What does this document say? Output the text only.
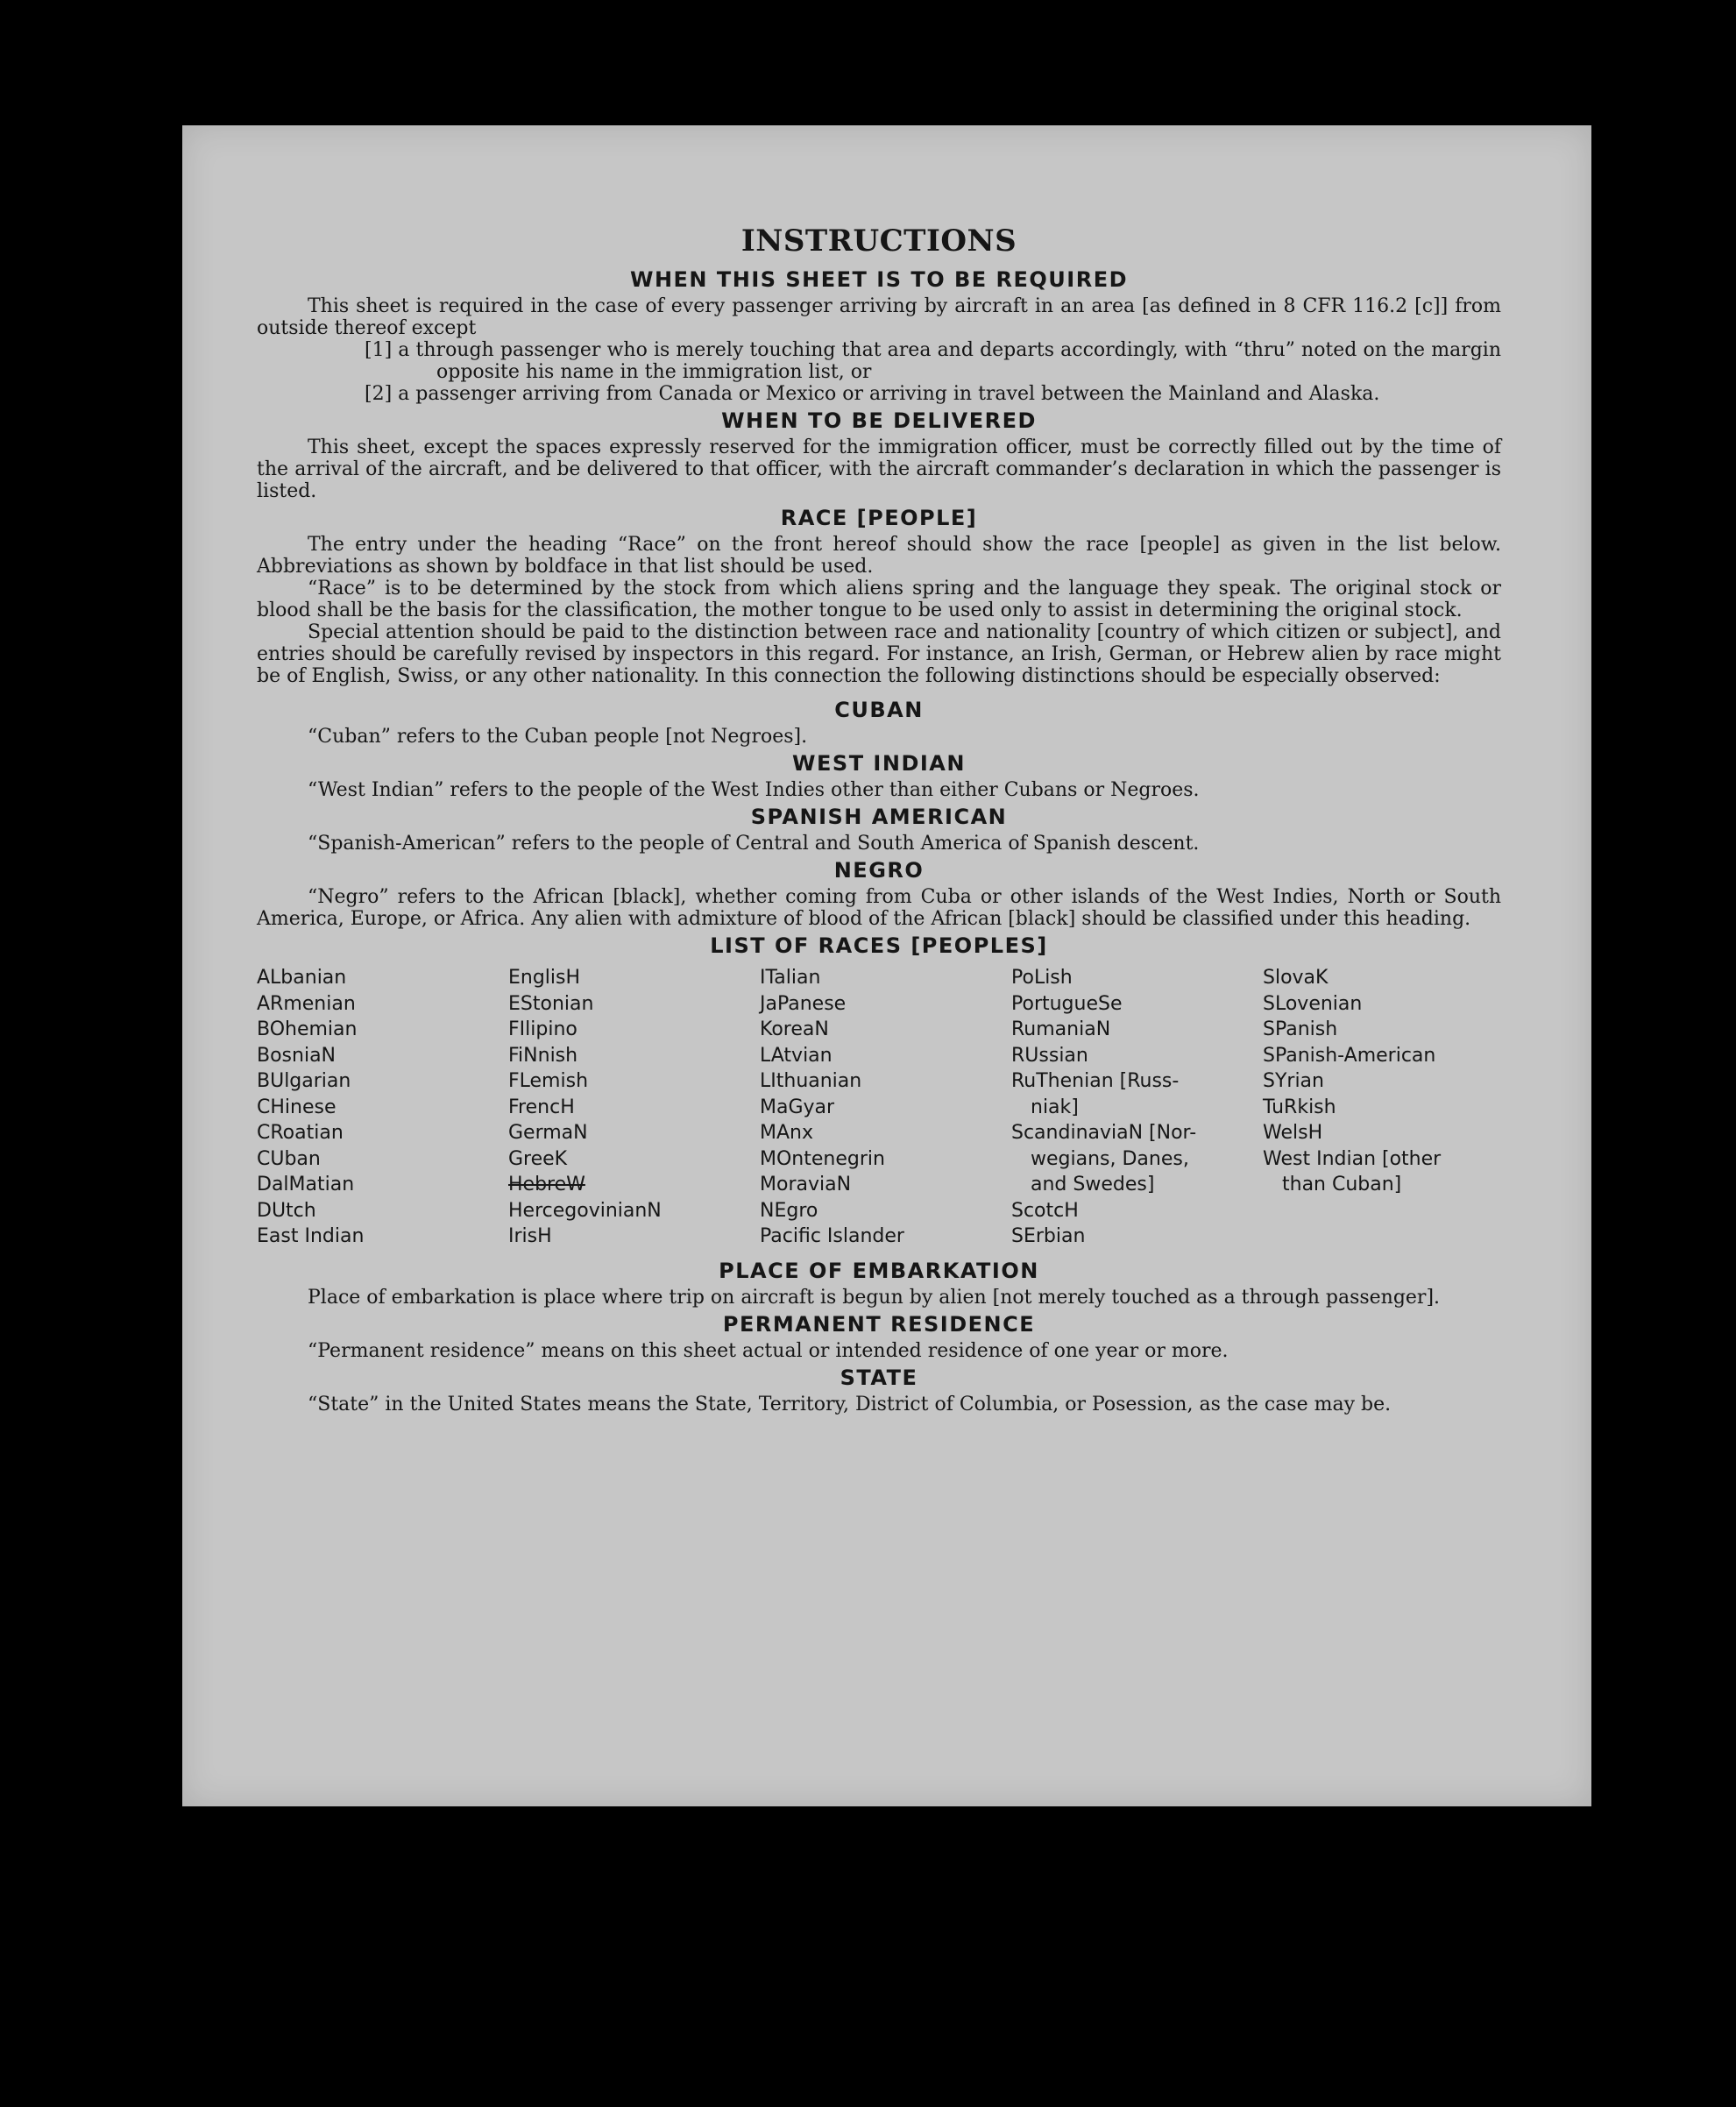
INSTRUCTIONS
WHEN THIS SHEET IS TO BE REQUIRED

This sheet is required in the case of every passenger arriving by aircraft in an area [as defined in 8 CFR 116.2 [c]] from outside thereof except

[1] a through passenger who is merely touching that area and departs accordingly, with “thru” noted on the margin opposite his name in the immigration list, or

[2] a passenger arriving from Canada or Mexico or arriving in travel between the Mainland and Alaska.

WHEN TO BE DELIVERED

This sheet, except the spaces expressly reserved for the immigration officer, must be correctly filled out by the time of the arrival of the aircraft, and be delivered to that officer, with the aircraft commander’s declaration in which the passenger is listed.

RACE [PEOPLE]

The entry under the heading “Race” on the front hereof should show the race [people] as given in the list below. Abbreviations as shown by boldface in that list should be used.

“Race” is to be determined by the stock from which aliens spring and the language they speak. The original stock or blood shall be the basis for the classification, the mother tongue to be used only to assist in determining the original stock.

Special attention should be paid to the distinction between race and nationality [country of which citizen or subject], and entries should be carefully revised by inspectors in this regard. For instance, an Irish, German, or Hebrew alien by race might be of English, Swiss, or any other nationality. In this connection the following distinctions should be especially observed:

CUBAN

“Cuban” refers to the Cuban people [not Negroes].

WEST INDIAN

“West Indian” refers to the people of the West Indies other than either Cubans or Negroes.

SPANISH AMERICAN

“Spanish-American” refers to the people of Central and South America of Spanish descent.

NEGRO

“Negro” refers to the African [black], whether coming from Cuba or other islands of the West Indies, North or South America, Europe, or Africa. Any alien with admixture of blood of the African [black] should be classified under this heading.

LIST OF RACES [PEOPLES]
ALbanian
ARmenian
BOhemian
BosniaN
BUlgarian
CHinese
CRoatian
CUban
DalMatian
DUtch
East Indian
EnglisH
EStonian
FIlipino
FiNnish
FLemish
FrencH
GermaN
GreeK
HebreW
HercegovinianN
IrisH
ITalian
JaPanese
KoreaN
LAtvian
LIthuanian
MaGyar
MAnx
MOntenegrin
MoraviaN
NEgro
Pacific Islander
PoLish
PortugueSe
RumaniaN
RUssian
RuThenian [Russ-
niak]
ScandinaviaN [Nor-
wegians, Danes,
and Swedes]
ScotcH
SErbian
SlovaK
SLovenian
SPanish
SPanish-American
SYrian
TuRkish
WelsH
West Indian [other
than Cuban]
PLACE OF EMBARKATION

Place of embarkation is place where trip on aircraft is begun by alien [not merely touched as a through passenger].

PERMANENT RESIDENCE

“Permanent residence” means on this sheet actual or intended residence of one year or more.

STATE

“State” in the United States means the State, Territory, District of Columbia, or Posession, as the case may be.
